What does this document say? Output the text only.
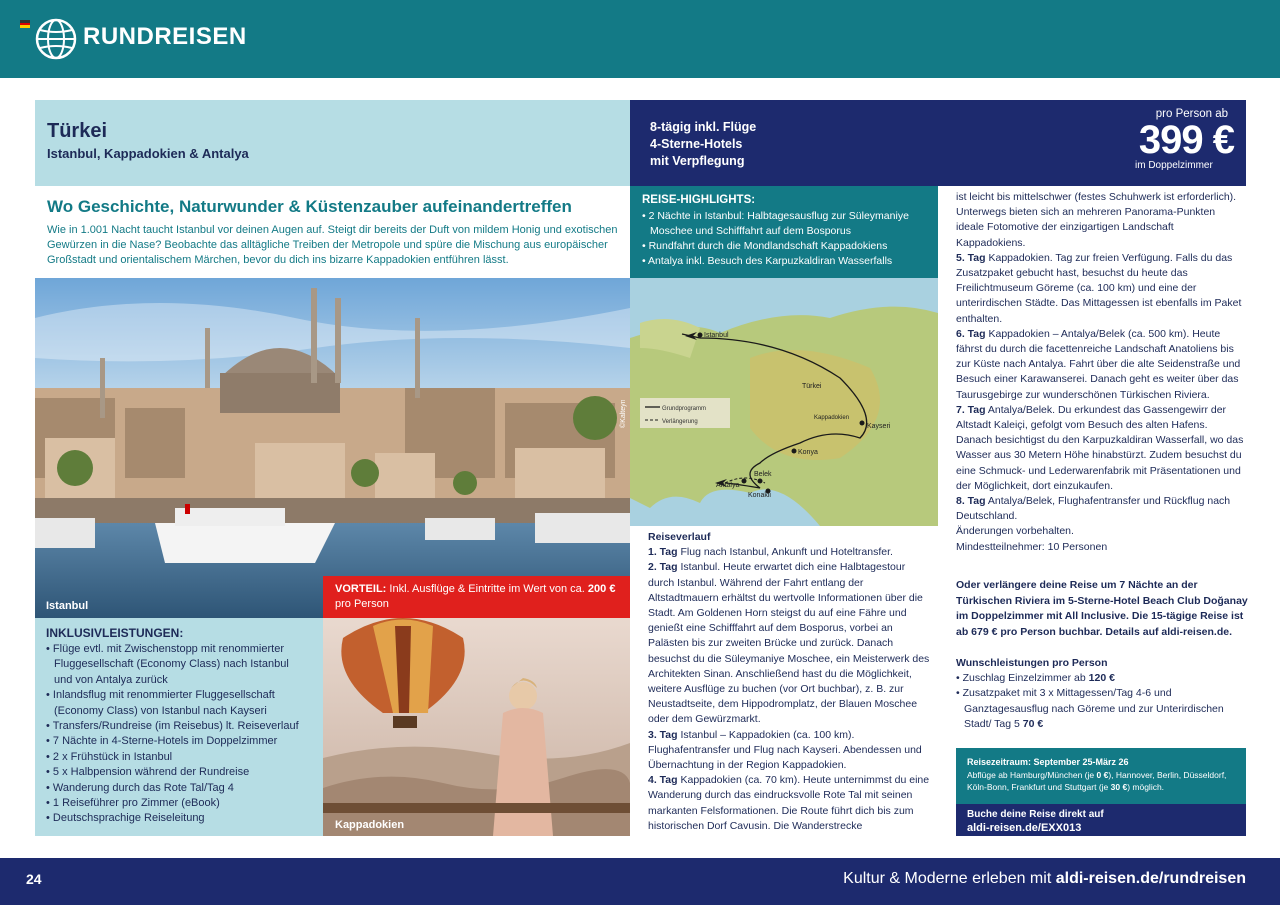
RUNDREISEN
Türkei
Istanbul, Kappadokien & Antalya
Wo Geschichte, Naturwunder & Küstenzauber aufeinandertreffen

Wie in 1.001 Nacht taucht Istanbul vor deinen Augen auf. Steigt dir bereits der Duft von mildem Honig und exotischen Gewürzen in die Nase? Beobachte das alltägliche Treiben der Metropole und spüre die Mischung aus europäischer Großstadt und orientalischem Märchen, bevor du dich ins bizarre Kappadokien entführen lässt.

8-tägig inkl. Flüge
4-Sterne-Hotels
mit Verpflegung
pro Person ab
399 €
im Doppelzimmer
REISE-HIGHLIGHTS:
• 2 Nächte in Istanbul: Halbtagesausflug zur Süleymaniye
Moschee und Schifffahrt auf dem Bosporus
• Rundfahrt durch die Mondlandschaft Kappadokiens
• Antalya inkl. Besuch des Karpuzkaldiran Wasserfalls
Istanbul
©Kalteyn	Grundprogramm
Verlängerung
Istanbul
Kayseri
Konya
Antalya
Belek
Konakli
Türkei
Kappadokien
VORTEIL: Inkl. Ausflüge & Eintritte im Wert von ca. 200 € pro Person
Kappadokien
INKLUSIVLEISTUNGEN:
• Flüge evtl. mit Zwischenstopp mit renommierter
Fluggesellschaft (Economy Class) nach Istanbul
und von Antalya zurück
• Inlandsflug mit renommierter Fluggesellschaft
(Economy Class) von Istanbul nach Kayseri
• Transfers/Rundreise (im Reisebus) lt. Reiseverlauf
• 7 Nächte in 4-Sterne-Hotels im Doppelzimmer
• 2 x Frühstück in Istanbul
• 5 x Halbpension während der Rundreise
• Wanderung durch das Rote Tal/Tag 4
• 1 Reiseführer pro Zimmer (eBook)
• Deutschsprachige Reiseleitung
Reiseverlauf
1. Tag Flug nach Istanbul, Ankunft und Hoteltransfer.
2. Tag Istanbul. Heute erwartet dich eine Halbtagestour durch Istanbul. Während der Fahrt entlang der Altstadtmauern erhältst du wertvolle Informationen über die Stadt. Am Goldenen Horn steigst du auf eine Fähre und genießt eine Schifffahrt auf dem Bosporus, vorbei an Palästen bis zur zweiten Brücke und zurück. Danach besuchst du die Süleymaniye Moschee, ein Meisterwerk des Architekten Sinan. Anschließend hast du die Möglichkeit, weitere Ausflüge zu buchen (vor Ort buchbar), z. B. zur Neustadtseite, dem Hippodromplatz, der Blauen Moschee oder dem Gewürzmarkt.
3. Tag Istanbul – Kappadokien (ca. 100 km). Flughafentransfer und Flug nach Kayseri. Abendessen und Übernachtung in der Region Kappadokien.
4. Tag Kappadokien (ca. 70 km). Heute unternimmst du eine Wanderung durch das eindrucksvolle Rote Tal mit seinen markanten Felsformationen. Die Route führt dich bis zum historischen Dorf Cavusin. Die Wanderstrecke
ist leicht bis mittelschwer (festes Schuhwerk ist erforderlich). Unterwegs bieten sich an mehreren Panorama-Punkten ideale Fotomotive der einzigartigen Landschaft Kappadokiens.
5. Tag Kappadokien. Tag zur freien Verfügung. Falls du das Zusatzpaket gebucht hast, besuchst du heute das Freilichtmuseum Göreme (ca. 100 km) und eine der unterirdischen Städte. Das Mittagessen ist ebenfalls im Paket enthalten.
6. Tag Kappadokien – Antalya/Belek (ca. 500 km). Heute fährst du durch die facettenreiche Landschaft Anatoliens bis zur Küste nach Antalya. Fahrt über die alte Seidenstraße und Besuch einer Karawanserei. Danach geht es weiter über das Taurusgebirge zur wunderschönen Türkischen Riviera.
7. Tag Antalya/Belek. Du erkundest das Gassengewirr der Altstadt Kaleiçi, gefolgt vom Besuch des alten Hafens. Danach besichtigst du den Karpuzkaldiran Wasserfall, wo das Wasser aus 30 Metern Höhe hinabstürzt. Zudem besuchst du eine Schmuck- und Lederwarenfabrik mit Präsentationen und der Möglichkeit, dort einzukaufen.
8. Tag Antalya/Belek, Flughafentransfer und Rückflug nach Deutschland.
Änderungen vorbehalten.
Mindestteilnehmer: 10 Personen
Oder verlängere deine Reise um 7 Nächte an der Türkischen Riviera im 5-Sterne-Hotel Beach Club Doğanay im Doppelzimmer mit All Inclusive. Die 15-tägige Reise ist ab 679 € pro Person buchbar. Details auf aldi-reisen.de.
Wunschleistungen pro Person
• Zuschlag Einzelzimmer ab 120 €
• Zusatzpaket mit 3 x Mittagessen/Tag 4-6 und Ganztagesausflug nach Göreme und zur Unterirdischen Stadt/ Tag 5 70 €
Reisezeitraum: September 25-März 26
Abflüge ab Hamburg/München (je 0 €), Hannover, Berlin, Düsseldorf, Köln-Bonn, Frankfurt und Stuttgart (je 30 €) möglich.
Buche deine Reise direkt auf
aldi-reisen.de/EXX013
24	Kultur & Moderne erleben mit aldi-reisen.de/rundreisen
